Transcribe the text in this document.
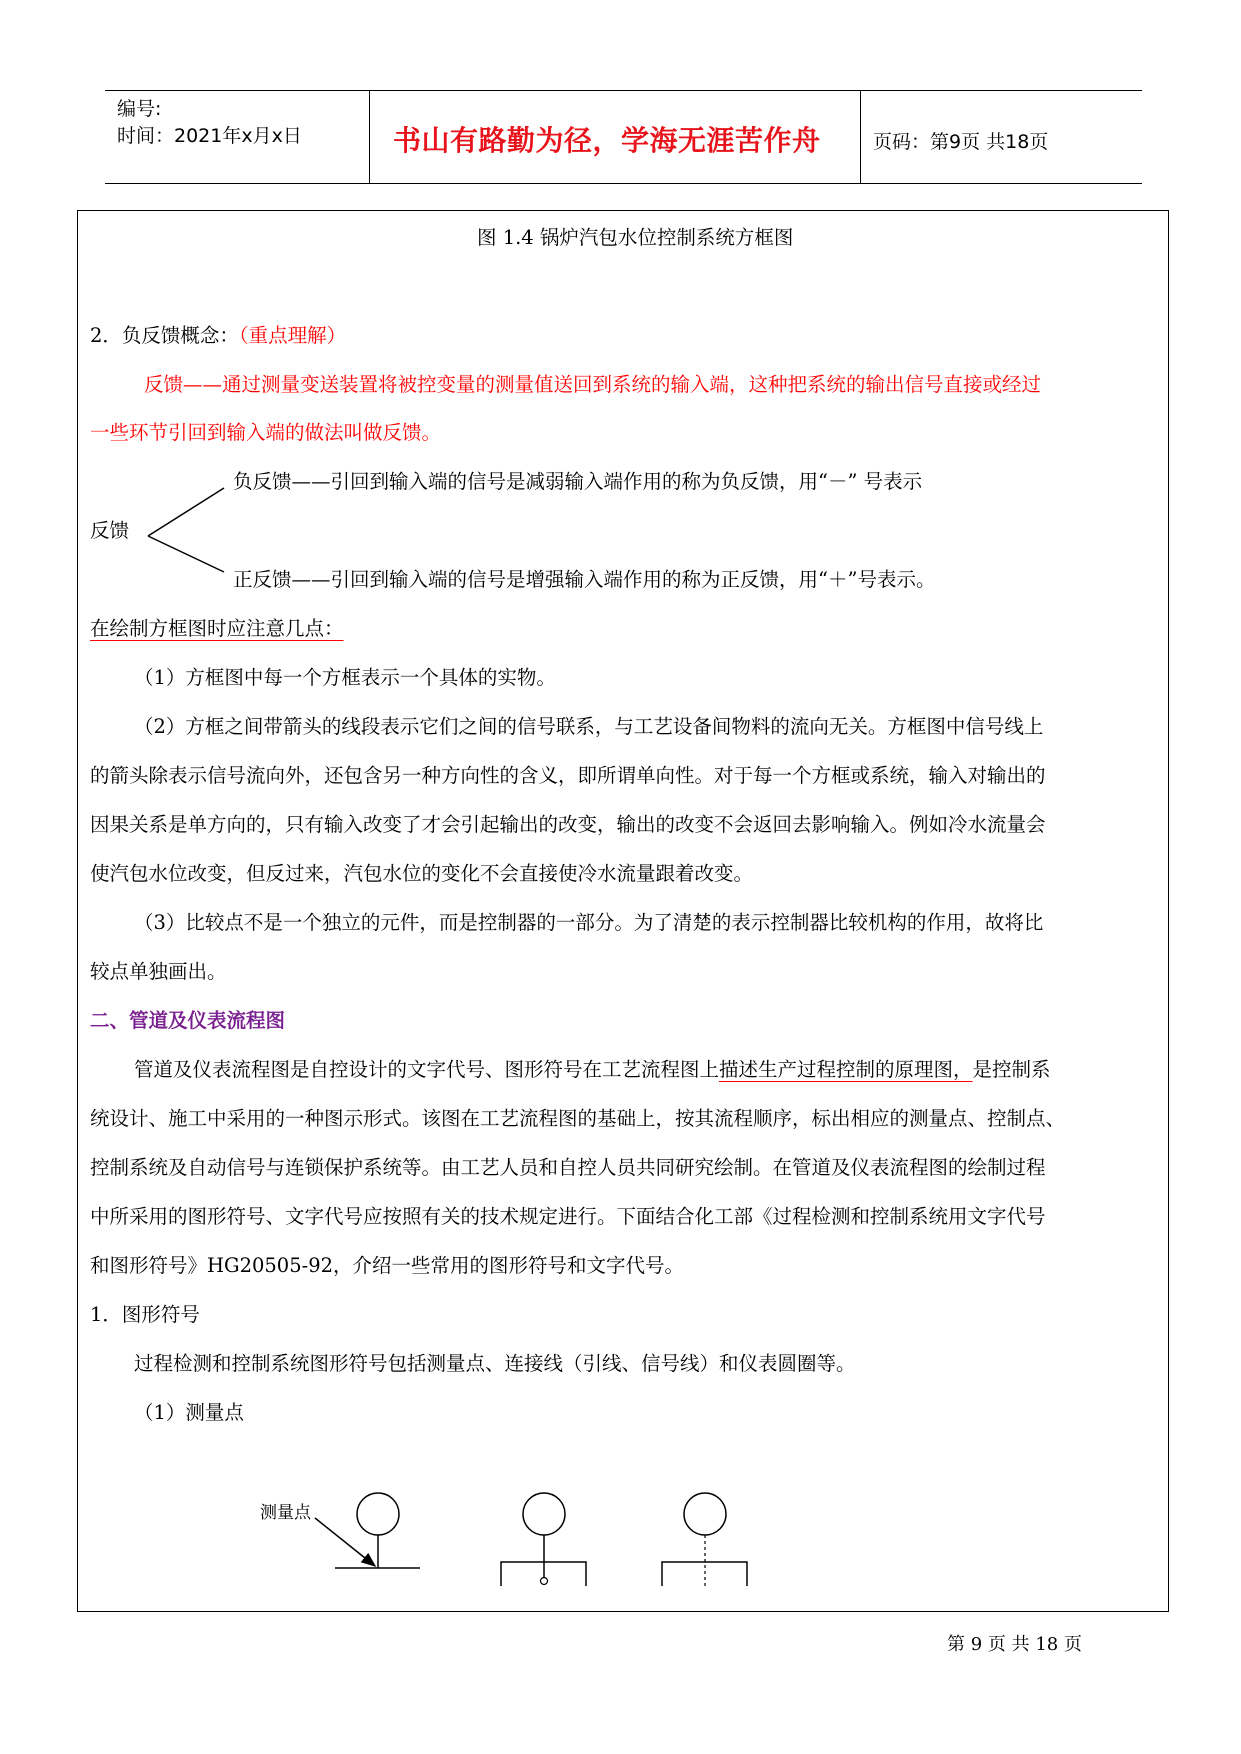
编号:
时间：2021年x月x日	书山有路勤为径，学海无涯苦作舟	页码：第9页 共18页
图 1.4 锅炉汽包水位控制系统方框图
2．负反馈概念：（重点理解）
反馈——通过测量变送装置将被控变量的测量值送回到系统的输入端，这种把系统的输出信号直接或经过
一些环节引回到输入端的做法叫做反馈。
负反馈——引回到输入端的信号是减弱输入端作用的称为负反馈，用“－” 号表示
反馈
正反馈——引回到输入端的信号是增强输入端作用的称为正反馈，用“＋”号表示。
在绘制方框图时应注意几点：
（1）方框图中每一个方框表示一个具体的实物。
（2）方框之间带箭头的线段表示它们之间的信号联系，与工艺设备间物料的流向无关。方框图中信号线上
的箭头除表示信号流向外，还包含另一种方向性的含义，即所谓单向性。对于每一个方框或系统，输入对输出的
因果关系是单方向的，只有输入改变了才会引起输出的改变，输出的改变不会返回去影响输入。例如冷水流量会
使汽包水位改变，但反过来，汽包水位的变化不会直接使冷水流量跟着改变。
（3）比较点不是一个独立的元件，而是控制器的一部分。为了清楚的表示控制器比较机构的作用，故将比
较点单独画出。
二、管道及仪表流程图
管道及仪表流程图是自控设计的文字代号、图形符号在工艺流程图上描述生产过程控制的原理图，是控制系
统设计、施工中采用的一种图示形式。该图在工艺流程图的基础上，按其流程顺序，标出相应的测量点、控制点、
控制系统及自动信号与连锁保护系统等。由工艺人员和自控人员共同研究绘制。在管道及仪表流程图的绘制过程
中所采用的图形符号、文字代号应按照有关的技术规定进行。下面结合化工部《过程检测和控制系统用文字代号
和图形符号》HG20505-92，介绍一些常用的图形符号和文字代号。
1．图形符号
过程检测和控制系统图形符号包括测量点、连接线（引线、信号线）和仪表圆圈等。
（1）测量点
测量点
第 9 页 共 18 页
